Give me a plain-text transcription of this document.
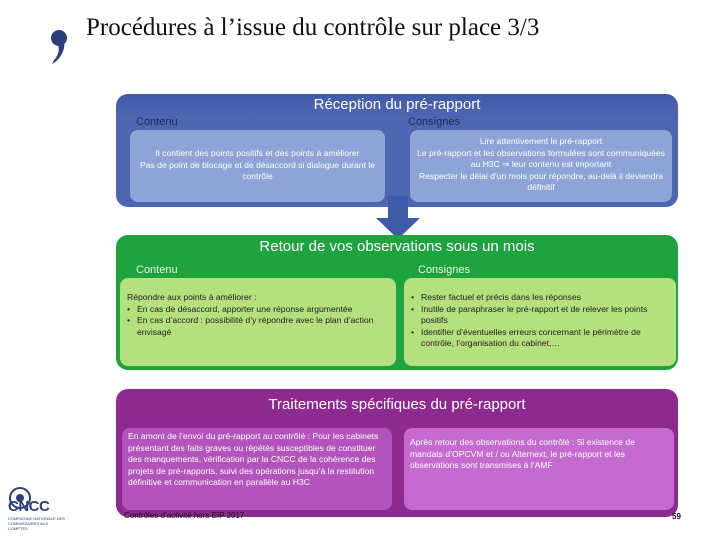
Procédures à l’issue du contrôle sur place 3/3
Réception du pré-rapport
Contenu	Consignes
Il contient des points positifs et des points à améliorer
Pas de point de blocage et de désaccord si dialogue durant le contrôle
Lire attentivement le pré-rapport
Le pré-rapport et les observations formulées sont communiquées au H3C ⇒ leur contenu est important
Respecter le délai d’un mois pour répondre, au-delà il deviendra définitif
Retour de vos observations sous un mois
Contenu	Consignes
Répondre aux points à améliorer :
• En cas de désaccord, apporter une réponse argumentée
• En cas d’accord : possibilité d’y répondre avec le plan d’action envisagé
• Rester factuel et précis dans les réponses
• Inutile de paraphraser le pré-rapport et de relever les points positifs
• Identifier d’éventuelles erreurs concernant le périmètre de contrôle, l’organisation du cabinet,…
Traitements spécifiques du pré-rapport
En amont de l’envoi du pré-rapport au contrôlé : Pour les cabinets présentant des faits graves ou répétés susceptibles de constituer des manquements, vérification par la CNCC de la cohérence des projets de pré-rapports, suivi des opérations jusqu’à la restitution définitive et communication en parallèle au H3C
Après retour des observations du contrôlé : Si existence de mandats d’OPCVM et / ou Alternext, le pré-rapport et les observations sont transmises à l’AMF
Contrôles d’activité hors EIP 2017	59
CNCC
COMPAGNIE NATIONALE DES COMMISSAIRES AUX COMPTES
